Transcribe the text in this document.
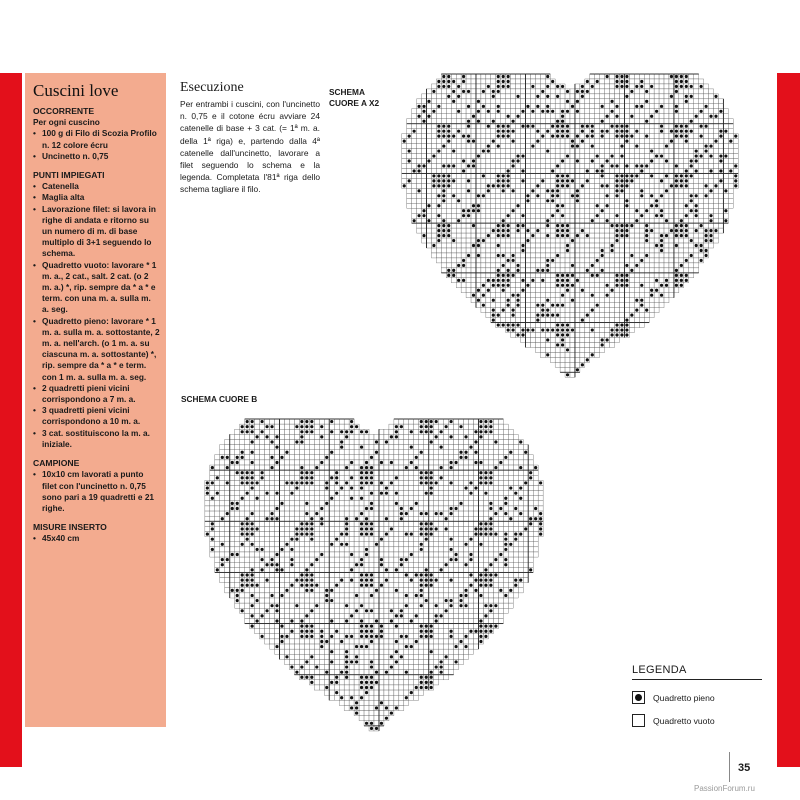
Cuscini love
OCCORRENTE
Per ogni cuscino
• 100 g di Filo di Scozia Profilo n. 12 colore écru
• Uncinetto n. 0,75
PUNTI IMPIEGATI
• Catenella
• Maglia alta
• Lavorazione filet: si lavora in righe di andata e ritorno su un numero di m. di base multiplo di 3+1 seguendo lo schema.
• Quadretto vuoto: lavorare * 1 m. a., 2 cat., salt. 2 cat. (o 2 m. a.) *, rip. sempre da * a * e term. con una m. a. sulla m. a. seg.
• Quadretto pieno: lavorare * 1 m. a. sulla m. a. sottostante, 2 m. a. nell'arch. (o 1 m. a. su ciascuna m. a. sottostante) *, rip. sempre da * a * e term. con 1 m. a. sulla m. a. seg.
• 2 quadretti pieni vicini corrispondono a 7 m. a.
• 3 quadretti pieni vicini corrispondono a 10 m. a.
• 3 cat. sostituiscono la m. a. iniziale.
CAMPIONE
• 10x10 cm lavorati a punto filet con l'uncinetto n. 0,75 sono pari a 19 quadretti e 21 righe.
MISURE INSERTO
• 45x40 cm
Esecuzione
Per entrambi i cuscini, con l'uncinetto n. 0,75 e il cotone écru avviare 24 catenelle di base + 3 cat. (= 1ª m. a. della 1ª riga) e, partendo dalla 4ª catenelle dall'uncinetto, lavorare a filet seguendo lo schema e la legenda. Completata l'81ª riga dello schema tagliare il filo.
SCHEMA
CUORE A X2
SCHEMA CUORE B
LEGENDA
Quadretto pieno
Quadretto vuoto
35
PassionForum.ru
